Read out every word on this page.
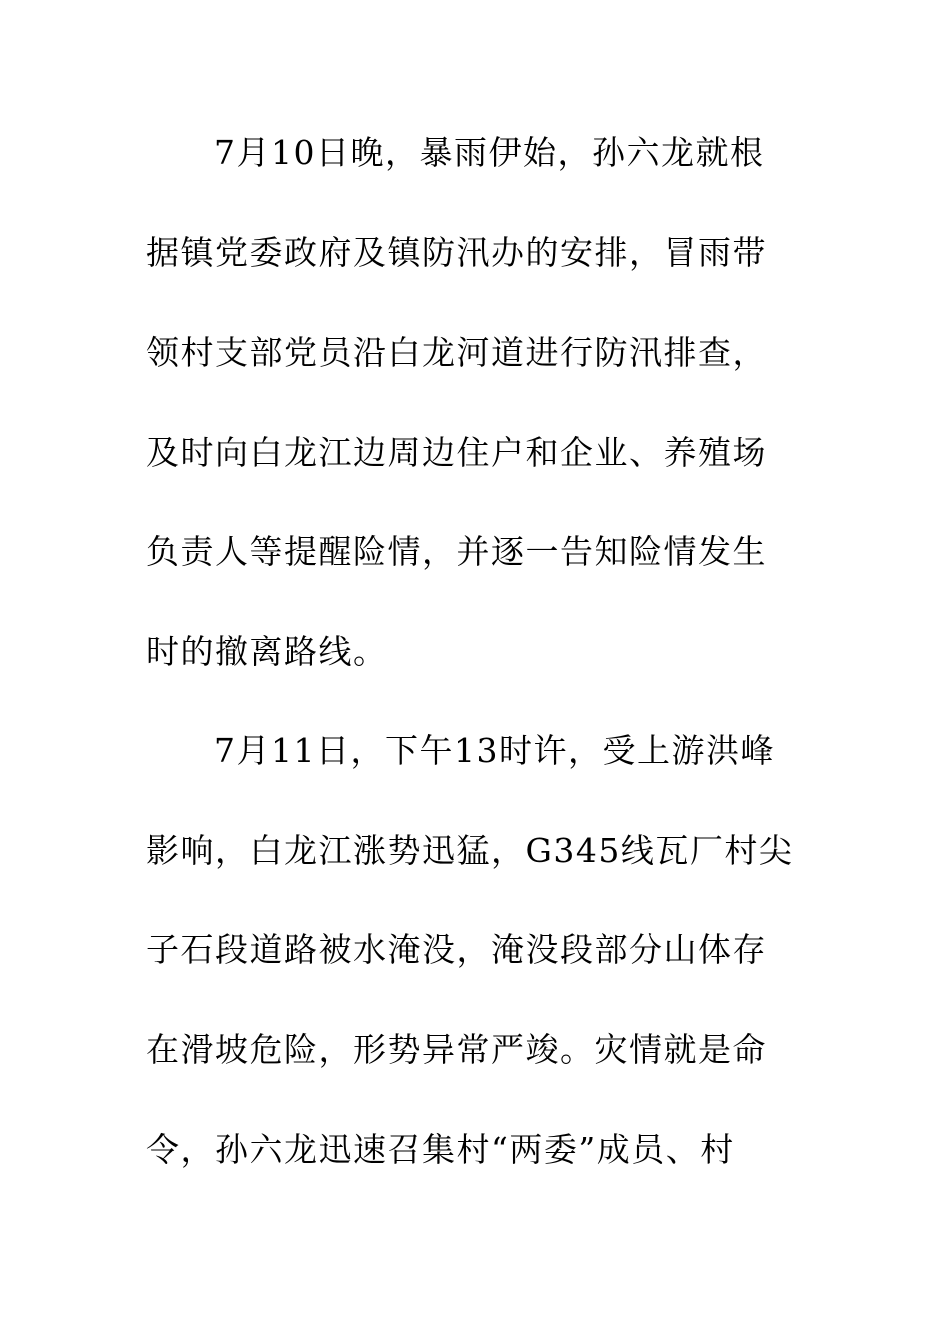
7月10日晚，暴雨伊始，孙六龙就根
据镇党委政府及镇防汛办的安排，冒雨带
领村支部党员沿白龙河道进行防汛排查，
及时向白龙江边周边住户和企业、养殖场
负责人等提醒险情，并逐一告知险情发生
时的撤离路线。
7月11日，下午13时许，受上游洪峰
影响，白龙江涨势迅猛，G345线瓦厂村尖
子石段道路被水淹没，淹没段部分山体存
在滑坡危险，形势异常严竣。灾情就是命
令，孙六龙迅速召集村“两委”成员、村
